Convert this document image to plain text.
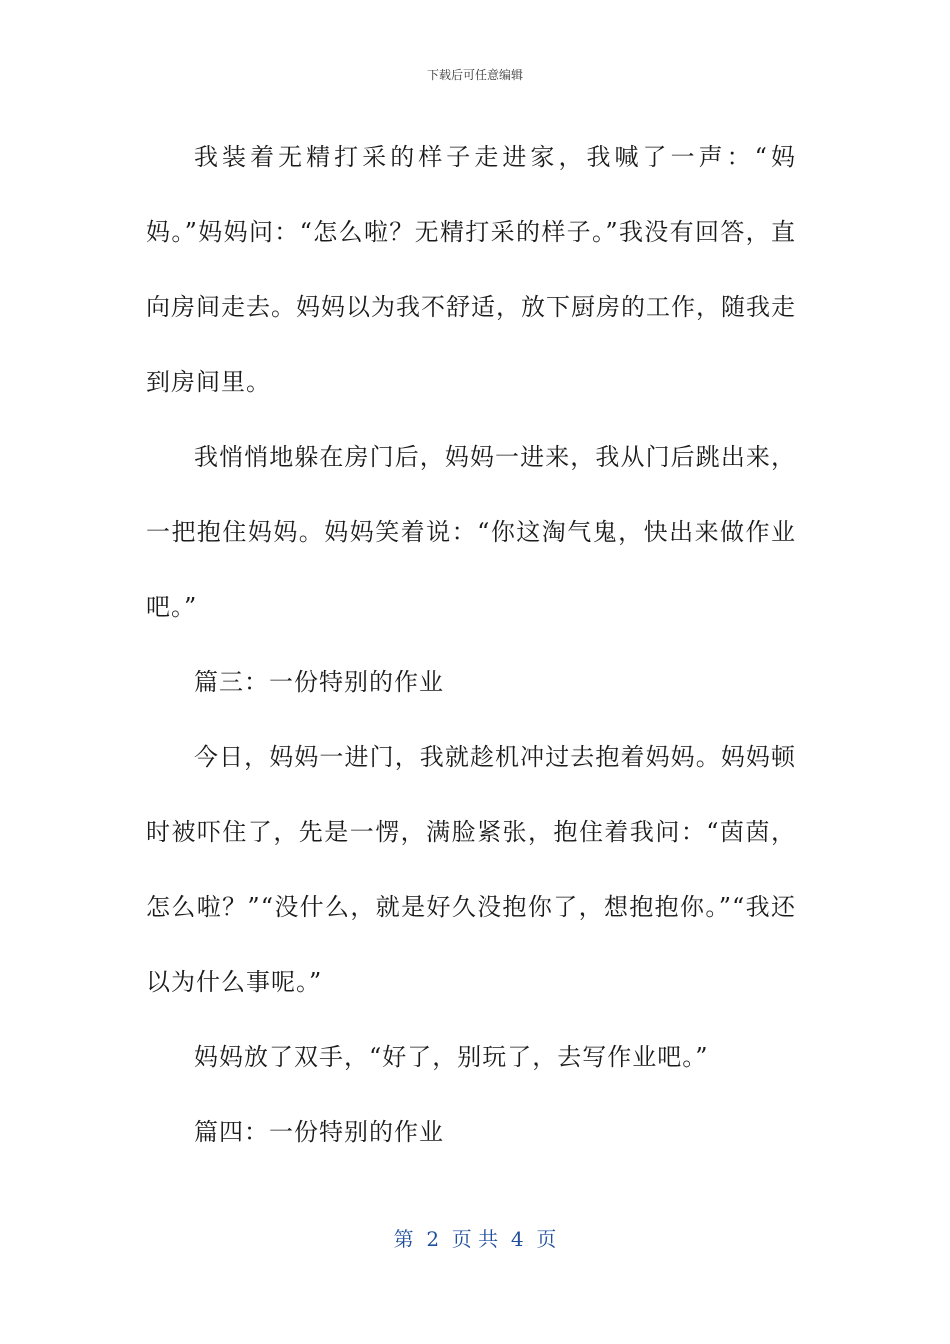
下载后可任意编辑

我装着无精打采的样子走进家，我喊了一声：“妈妈。”妈妈问：“怎么啦？无精打采的样子。”我没有回答，直向房间走去。妈妈以为我不舒适，放下厨房的工作，随我走到房间里。

我悄悄地躲在房门后，妈妈一进来，我从门后跳出来，一把抱住妈妈。妈妈笑着说：“你这淘气鬼，快出来做作业吧。”

篇三：一份特别的作业

今日，妈妈一进门，我就趁机冲过去抱着妈妈。妈妈顿时被吓住了，先是一愣，满脸紧张，抱住着我问：“茵茵，怎么啦？”“没什么，就是好久没抱你了，想抱抱你。”“我还以为什么事呢。”

妈妈放了双手，“好了，别玩了，去写作业吧。”

篇四：一份特别的作业

第  2  页 共  4  页
